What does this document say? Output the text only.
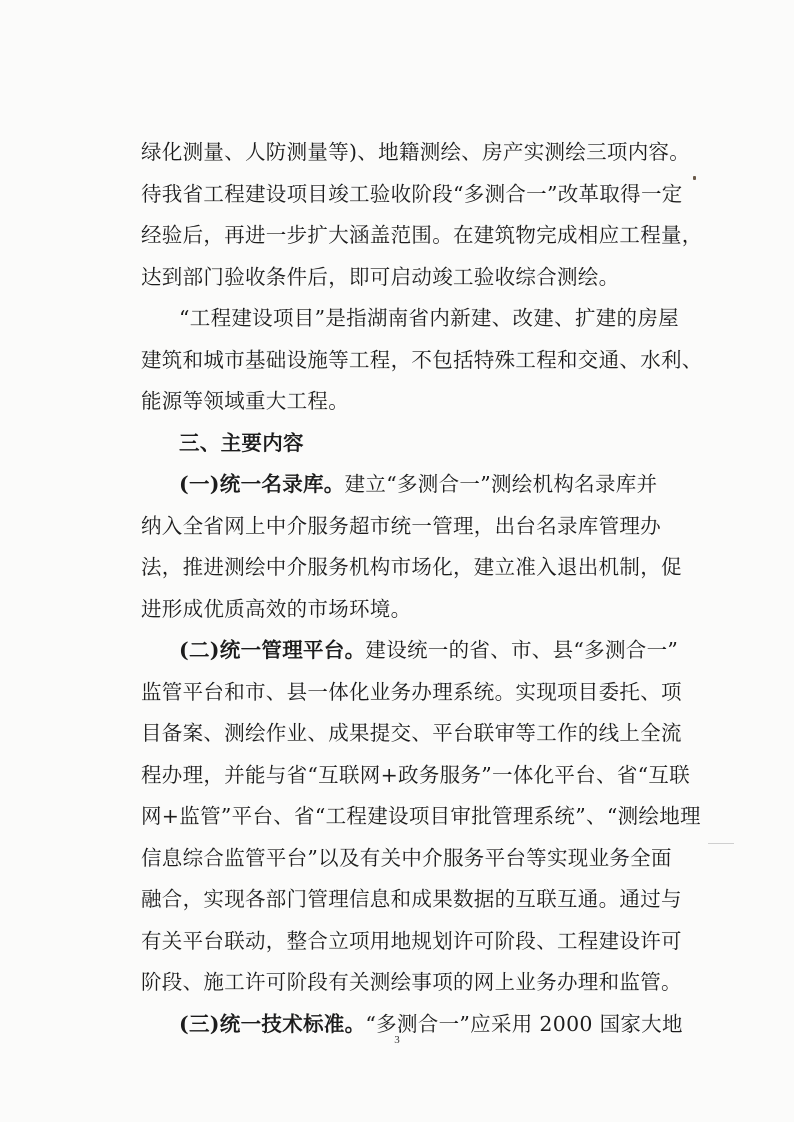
绿化测量、人防测量等)、地籍测绘、房产实测绘三项内容。
待我省工程建设项目竣工验收阶段“多测合一”改革取得一定
经验后，再进一步扩大涵盖范围。在建筑物完成相应工程量，
达到部门验收条件后，即可启动竣工验收综合测绘。
“工程建设项目”是指湖南省内新建、改建、扩建的房屋
建筑和城市基础设施等工程，不包括特殊工程和交通、水利、
能源等领域重大工程。
三、主要内容
(一)统一名录库。建立“多测合一”测绘机构名录库并
纳入全省网上中介服务超市统一管理，出台名录库管理办
法，推进测绘中介服务机构市场化，建立准入退出机制，促
进形成优质高效的市场环境。
(二)统一管理平台。建设统一的省、市、县“多测合一”
监管平台和市、县一体化业务办理系统。实现项目委托、项
目备案、测绘作业、成果提交、平台联审等工作的线上全流
程办理，并能与省“互联网+政务服务”一体化平台、省“互联
网+监管”平台、省“工程建设项目审批管理系统”、“测绘地理
信息综合监管平台”以及有关中介服务平台等实现业务全面
融合，实现各部门管理信息和成果数据的互联互通。通过与
有关平台联动，整合立项用地规划许可阶段、工程建设许可
阶段、施工许可阶段有关测绘事项的网上业务办理和监管。
(三)统一技术标准。“多测合一”应采用 2000 国家大地
3
